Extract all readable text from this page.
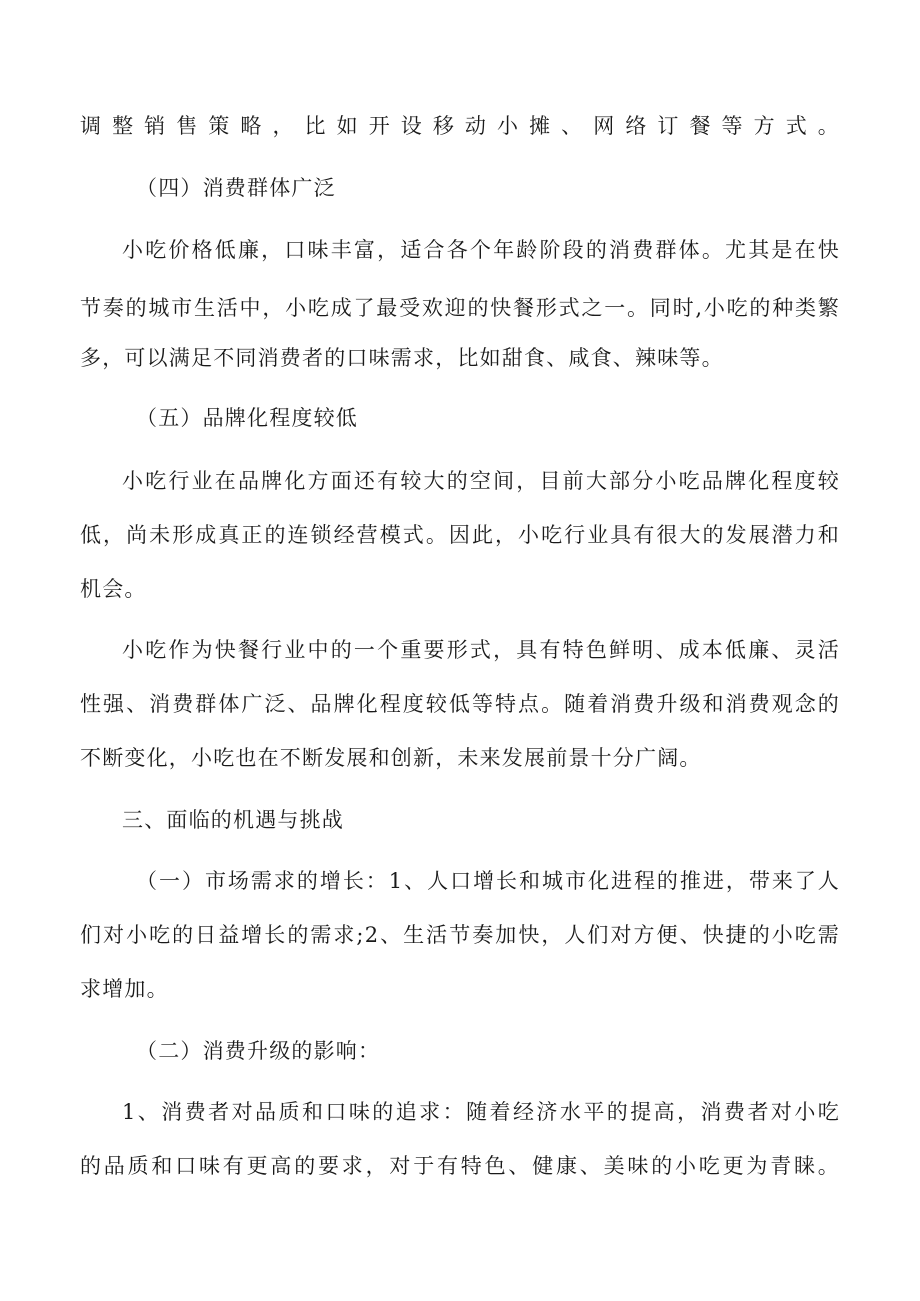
调整销售策略，比如开设移动小摊、网络订餐等方式。
（四）消费群体广泛
小吃价格低廉，口味丰富，适合各个年龄阶段的消费群体。尤其是在快
节奏的城市生活中，小吃成了最受欢迎的快餐形式之一。同时,小吃的种类繁
多，可以满足不同消费者的口味需求，比如甜食、咸食、辣味等。
（五）品牌化程度较低
小吃行业在品牌化方面还有较大的空间，目前大部分小吃品牌化程度较
低，尚未形成真正的连锁经营模式。因此，小吃行业具有很大的发展潜力和
机会。
小吃作为快餐行业中的一个重要形式，具有特色鲜明、成本低廉、灵活
性强、消费群体广泛、品牌化程度较低等特点。随着消费升级和消费观念的
不断变化，小吃也在不断发展和创新，未来发展前景十分广阔。
三、面临的机遇与挑战
（一）市场需求的增长：1、人口增长和城市化进程的推进，带来了人
们对小吃的日益增长的需求;2、生活节奏加快，人们对方便、快捷的小吃需
求增加。
（二）消费升级的影响：
1、消费者对品质和口味的追求：随着经济水平的提高，消费者对小吃
的品质和口味有更高的要求，对于有特色、健康、美味的小吃更为青睐。
